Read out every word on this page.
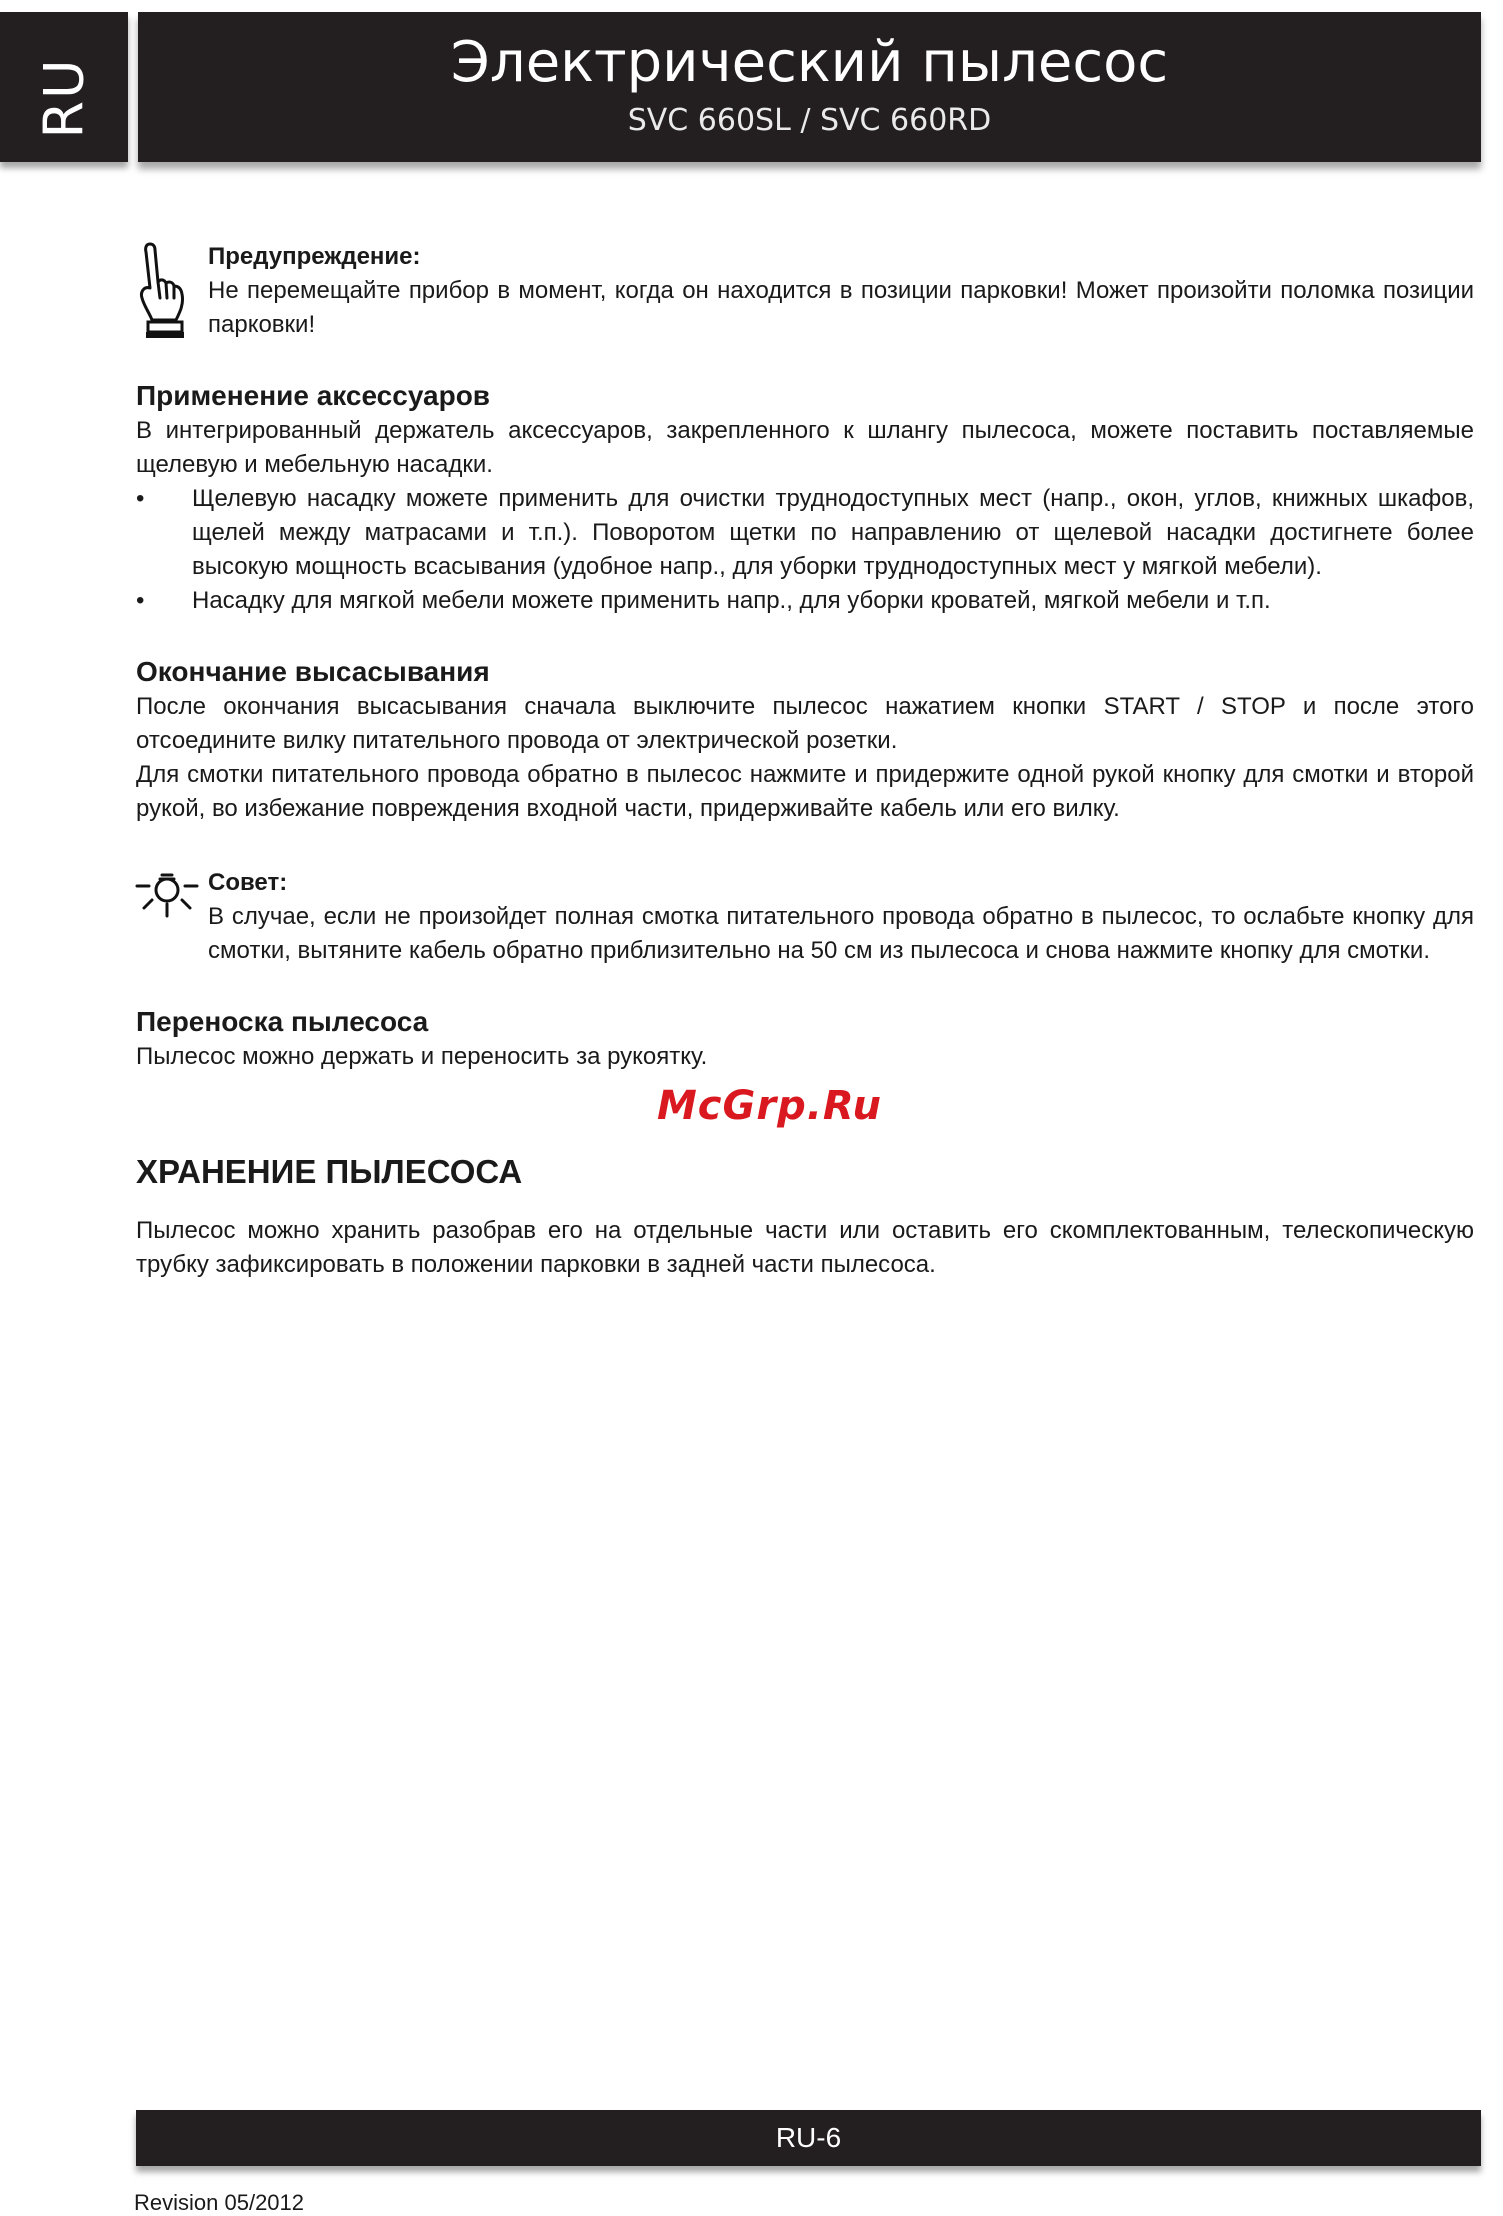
RU	Электрический пылесос
SVC 660SL / SVC 660RD
Предупреждение:

Не перемещайте прибор в момент, когда он находится в позиции парковки! Может произойти поломка позиции парковки!

Применение аксессуаров

В интегрированный держатель аксессуаров, закрепленного к шлангу пылесоса, можете поставить поставляемые щелевую и мебельную насадки.

•	Щелевую насадку можете применить для очистки труднодоступных мест (напр., окон, углов, книжных шкафов, щелей между матрасами и т.п.). Поворотом щетки по направлению от щелевой насадки достигнете более высокую мощность всасывания (удобное напр., для уборки труднодоступных мест у мягкой мебели).
•	Насадку для мягкой мебели можете применить напр., для уборки кроватей, мягкой мебели и т.п.
Окончание высасывания

После окончания высасывания сначала выключите пылесос нажатием кнопки START / STOP и после этого отсоедините вилку питательного провода от электрической розетки.

Для смотки питательного провода обратно в пылесос нажмите и придержите одной рукой кнопку для смотки и второй рукой, во избежание повреждения входной части, придерживайте кабель или его вилку.

Совет:

В случае, если не произойдет полная смотка питательного провода обратно в пылесос, то ослабьте кнопку для смотки, вытяните кабель обратно приблизительно на 50 см из пылесоса и снова нажмите кнопку для смотки.

Переноска пылесоса

Пылесос можно держать и переносить за рукоятку.

ХРАНЕНИЕ ПЫЛЕСОСА

Пылесос можно хранить разобрав его на отдельные части или оставить его скомплектованным, телескопическую трубку зафиксировать в положении парковки в задней части пылесоса.

McGrp.Ru
RU-6
Revision 05/2012
